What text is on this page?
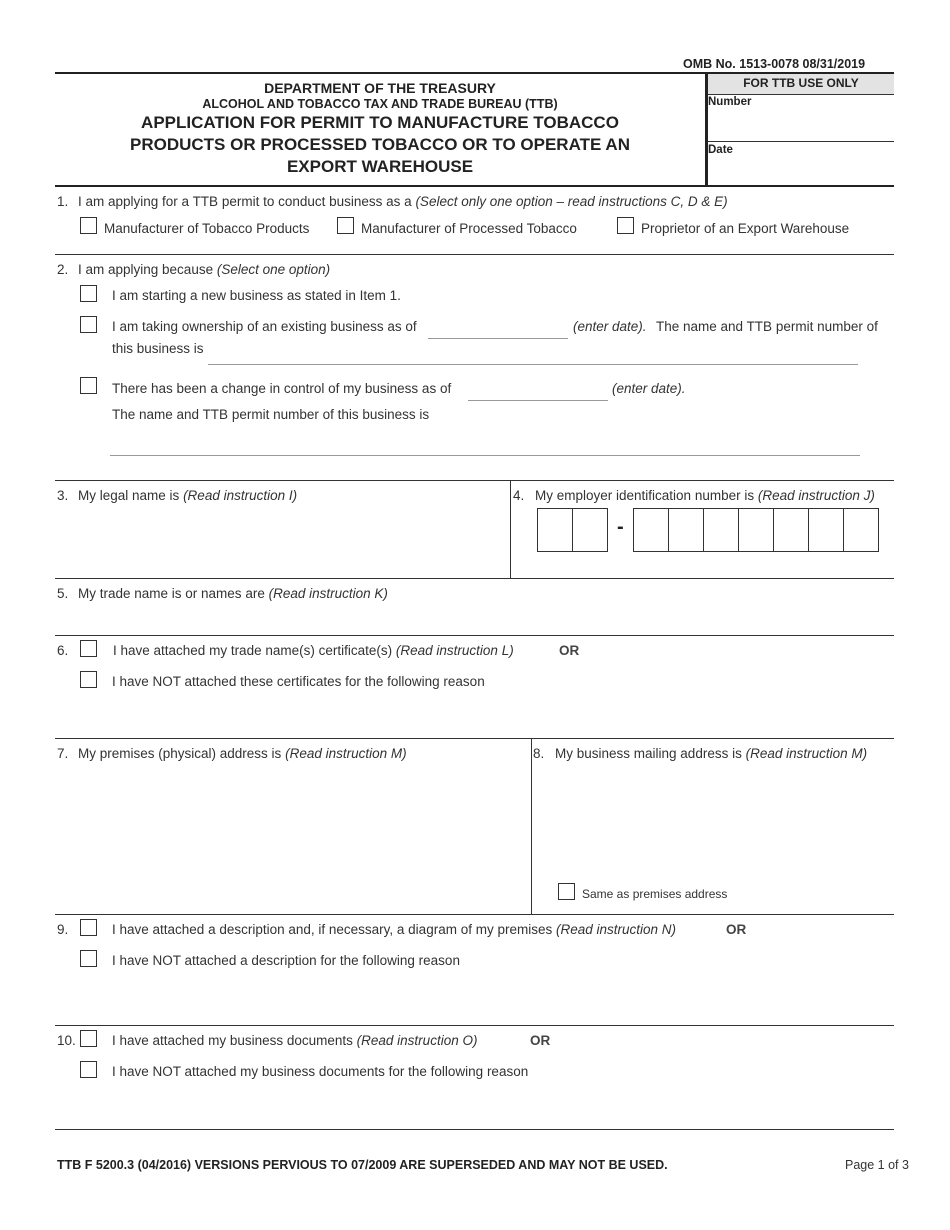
OMB No. 1513-0078 08/31/2019
DEPARTMENT OF THE TREASURY
ALCOHOL AND TOBACCO TAX AND TRADE BUREAU (TTB)
APPLICATION FOR PERMIT TO MANUFACTURE TOBACCO
PRODUCTS OR PROCESSED TOBACCO OR TO OPERATE AN
EXPORT WAREHOUSE
FOR TTB USE ONLY
Number
Date
1. I am applying for a TTB permit to conduct business as a (Select only one option – read instructions C, D & E)
Manufacturer of Tobacco Products	Manufacturer of Processed Tobacco	Proprietor of an Export Warehouse
2. I am applying because (Select one option)
I am starting a new business as stated in Item 1.
I am taking ownership of an existing business as of	(enter date). The name and TTB permit number of
this business is
There has been a change in control of my business as of	(enter date).
The name and TTB permit number of this business is
3. My legal name is (Read instruction I)	4. My employer identification number is (Read instruction J)
-
5. My trade name is or names are (Read instruction K)
6.	I have attached my trade name(s) certificate(s) (Read instruction L)	OR
I have NOT attached these certificates for the following reason
7. My premises (physical) address is (Read instruction M)	8. My business mailing address is (Read instruction M)
Same as premises address
9.	I have attached a description and, if necessary, a diagram of my premises (Read instruction N)	OR
I have NOT attached a description for the following reason
10.	I have attached my business documents (Read instruction O)	OR
I have NOT attached my business documents for the following reason
TTB F 5200.3 (04/2016) VERSIONS PERVIOUS TO 07/2009 ARE SUPERSEDED AND MAY NOT BE USED.	Page 1 of 3
